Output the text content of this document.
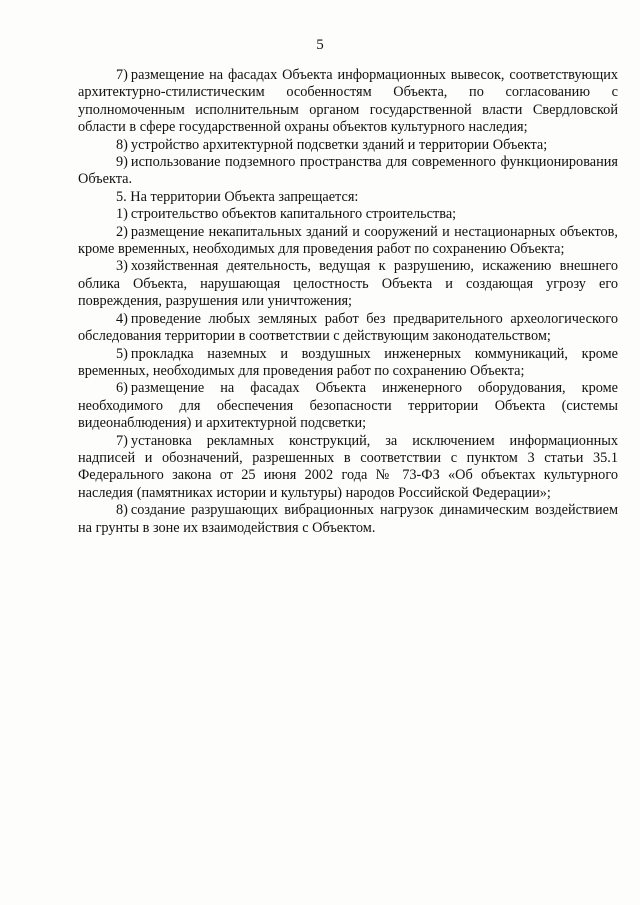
5

7) размещение на фасадах Объекта информационных вывесок, соответствующих архитектурно-стилистическим особенностям Объекта, по согласованию с уполномоченным исполнительным органом государственной власти Свердловской области в сфере государственной охраны объектов культурного наследия;

8) устройство архитектурной подсветки зданий и территории Объекта;

9) использование подземного пространства для современного функционирования Объекта.

5. На территории Объекта запрещается:

1) строительство объектов капитального строительства;

2) размещение некапитальных зданий и сооружений и нестационарных объектов, кроме временных, необходимых для проведения работ по сохранению Объекта;

3) хозяйственная деятельность, ведущая к разрушению, искажению внешнего облика Объекта, нарушающая целостность Объекта и создающая угрозу его повреждения, разрушения или уничтожения;

4) проведение любых земляных работ без предварительного археологического обследования территории в соответствии с действующим законодательством;

5) прокладка наземных и воздушных инженерных коммуникаций, кроме временных, необходимых для проведения работ по сохранению Объекта;

6) размещение на фасадах Объекта инженерного оборудования, кроме необходимого для обеспечения безопасности территории Объекта (системы видеонаблюдения) и архитектурной подсветки;

7) установка рекламных конструкций, за исключением информационных надписей и обозначений, разрешенных в соответствии с пунктом 3 статьи 35.1 Федерального закона от 25 июня 2002 года № 73-ФЗ «Об объектах культурного наследия (памятниках истории и культуры) народов Российской Федерации»;

8) создание разрушающих вибрационных нагрузок динамическим воздействием на грунты в зоне их взаимодействия с Объектом.
